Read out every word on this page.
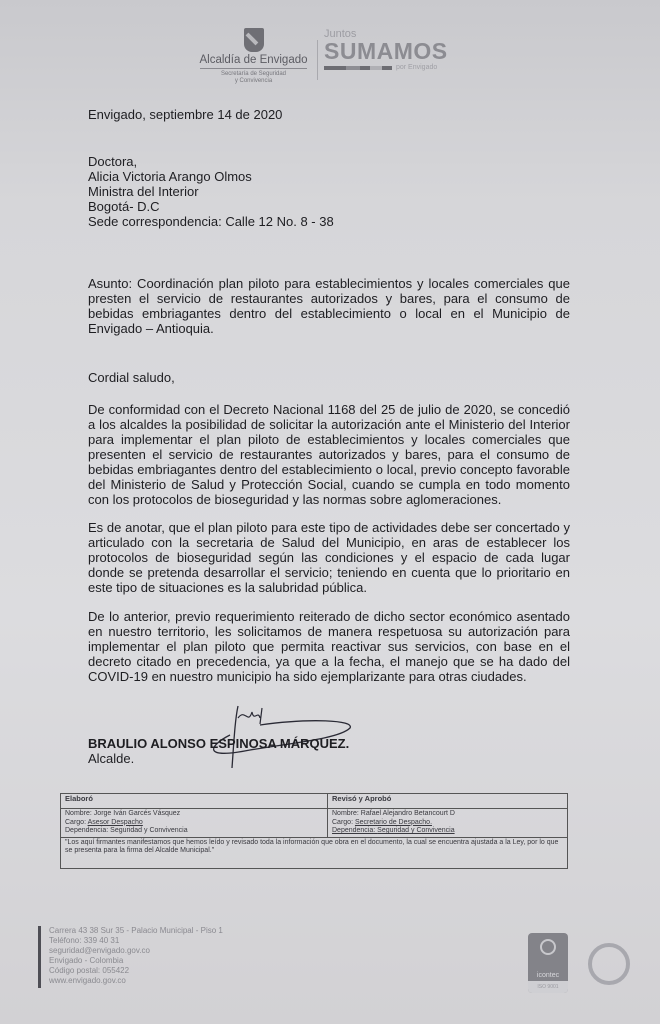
Alcaldía de Envigado
Secretaría de Seguridad
y Convivencia
Juntos
SUMAMOS
por Envigado
Envigado, septiembre 14 de 2020
Doctora,
Alicia Victoria Arango Olmos
Ministra del Interior
Bogotá- D.C
Sede correspondencia: Calle 12 No. 8 - 38
Asunto: Coordinación plan piloto para establecimientos y locales comerciales que presten el servicio de restaurantes autorizados y bares, para el consumo de bebidas embriagantes dentro del establecimiento o local en el Municipio de Envigado – Antioquia.
Cordial saludo,
De conformidad con el Decreto Nacional 1168 del 25 de julio de 2020, se concedió a los alcaldes la posibilidad de solicitar la autorización ante el Ministerio del Interior para implementar el plan piloto de establecimientos y locales comerciales que presenten el servicio de restaurantes autorizados y bares, para el consumo de bebidas embriagantes dentro del establecimiento o local, previo concepto favorable del Ministerio de Salud y Protección Social, cuando se cumpla en todo momento con los protocolos de bioseguridad y las normas sobre aglomeraciones.
Es de anotar, que el plan piloto para este tipo de actividades debe ser concertado y articulado con la secretaria de Salud del Municipio, en aras de establecer los protocolos de bioseguridad según las condiciones y el espacio de cada lugar donde se pretenda desarrollar el servicio; teniendo en cuenta que lo prioritario en este tipo de situaciones es la salubridad pública.
De lo anterior, previo requerimiento reiterado de dicho sector económico asentado en nuestro territorio, les solicitamos de manera respetuosa su autorización para implementar el plan piloto que permita reactivar sus servicios, con base en el decreto citado en precedencia, ya que a la fecha, el manejo que se ha dado del COVID-19 en nuestro municipio ha sido ejemplarizante para otras ciudades.
BRAULIO ALONSO ESPINOSA MÁRQUEZ.
Alcalde.
Elaboró	Revisó y Aprobó
Nombre: Jorge Iván Garcés Vásquez
Cargo: Asesor Despacho
Dependencia: Seguridad y Convivencia
Nombre: Rafael Alejandro Betancourt D
Cargo: Secretario de Despacho.
Dependencia: Seguridad y Convivencia
"Los aquí firmantes manifestamos que hemos leído y revisado toda la información que obra en el documento, la cual se encuentra ajustada a la Ley, por lo que se presenta para la firma del Alcalde Municipal."
Carrera 43 38 Sur 35 - Palacio Municipal - Piso 1
Teléfono: 339 40 31
seguridad@envigado.gov.co
Envigado - Colombia
Código postal: 055422
www.envigado.gov.co
icontec
ISO 9001
